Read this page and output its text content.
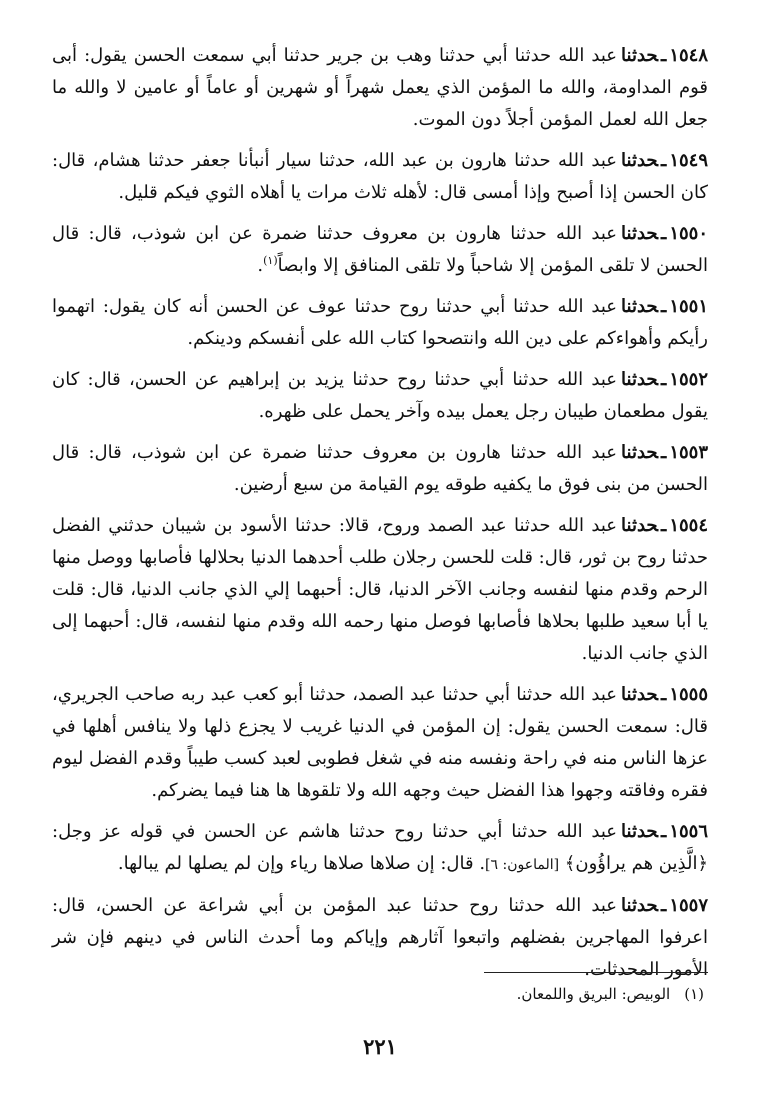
١٥٤٨ـحدثناعبد الله حدثنا أبي حدثنا وهب بن جرير حدثنا أبي سمعت الحسن يقول: أبى قوم المداومة، والله ما المؤمن الذي يعمل شهراً أو شهرين أو عاماً أو عامين لا والله ما جعل الله لعمل المؤمن أجلاً دون الموت.

١٥٤٩ـحدثناعبد الله حدثنا هارون بن عبد الله، حدثنا سيار أنبأنا جعفر حدثنا هشام، قال: كان الحسن إذا أصبح وإذا أمسى قال: لأهله ثلاث مرات يا أهلاه الثوي فيكم قليل.

١٥٥٠ـحدثناعبد الله حدثنا هارون بن معروف حدثنا ضمرة عن ابن شوذب، قال: قال الحسن لا تلقى المؤمن إلا شاحباً ولا تلقى المنافق إلا وابصاً$^{(١)}$.

١٥٥١ـحدثناعبد الله حدثنا أبي حدثنا روح حدثنا عوف عن الحسن أنه كان يقول: اتهموا رأيكم وأهواءكم على دين الله وانتصحوا كتاب الله على أنفسكم ودينكم.

١٥٥٢ـحدثناعبد الله حدثنا أبي حدثنا روح حدثنا يزيد بن إبراهيم عن الحسن، قال: كان يقول مطعمان طيبان رجل يعمل بيده وآخر يحمل على ظهره.

١٥٥٣ـحدثناعبد الله حدثنا هارون بن معروف حدثنا ضمرة عن ابن شوذب، قال: قال الحسن من بنى فوق ما يكفيه طوقه يوم القيامة من سبع أرضين.

١٥٥٤ـحدثناعبد الله حدثنا عبد الصمد وروح، قالا: حدثنا الأسود بن شيبان حدثني الفضل حدثنا روح بن ثور، قال: قلت للحسن رجلان طلب أحدهما الدنيا بحلالها فأصابها ووصل منها الرحم وقدم منها لنفسه وجانب الآخر الدنيا، قال: أحبهما إلي الذي جانب الدنيا، قال: قلت يا أبا سعيد طلبها بحلاها فأصابها فوصل منها رحمه الله وقدم منها لنفسه، قال: أحبهما إلى الذي جانب الدنيا.

١٥٥٥ـحدثناعبد الله حدثنا أبي حدثنا عبد الصمد، حدثنا أبو كعب عبد ربه صاحب الجريري، قال: سمعت الحسن يقول: إن المؤمن في الدنيا غريب لا يجزع ذلها ولا ينافس أهلها في عزها الناس منه في راحة ونفسه منه في شغل فطوبى لعبد كسب طيباً وقدم الفضل ليوم فقره وفاقته وجهوا هذا الفضل حيث وجهه الله ولا تلقوها ها هنا فيما يضركم.

١٥٥٦ـحدثناعبد الله حدثنا أبي حدثنا روح حدثنا هاشم عن الحسن في قوله عز وجل: ﴿الَّذِين هم يراؤُون﴾ [الماعون: ٦]. قال: إن صلاها صلاها رياء وإن لم يصلها لم يبالها.

١٥٥٧ـحدثناعبد الله حدثنا روح حدثنا عبد المؤمن بن أبي شراعة عن الحسن، قال: اعرفوا المهاجرين بفضلهم واتبعوا آثارهم وإياكم وما أحدث الناس في دينهم فإن شر الأمور المحدثات.

(١)الوبيص: البريق واللمعان.
٢٢١
